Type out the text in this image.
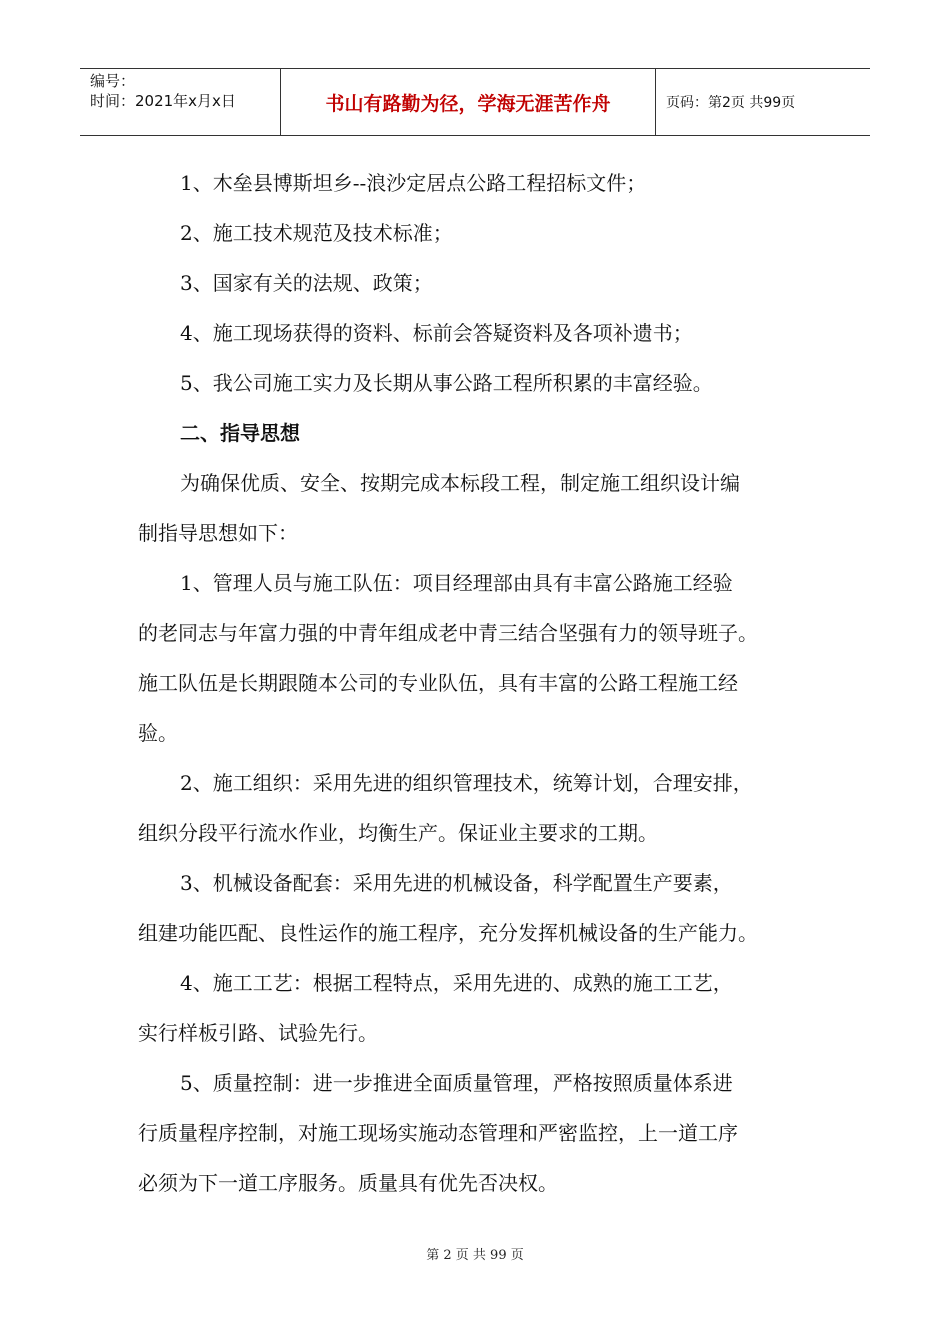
编号：
时间：2021年x月x日	书山有路勤为径，学海无涯苦作舟	页码：第2页 共99页
1、木垒县博斯坦乡--浪沙定居点公路工程招标文件；
2、施工技术规范及技术标准；
3、国家有关的法规、政策；
4、施工现场获得的资料、标前会答疑资料及各项补遗书；
5、我公司施工实力及长期从事公路工程所积累的丰富经验。
二、指导思想
为确保优质、安全、按期完成本标段工程，制定施工组织设计编
制指导思想如下：
1、管理人员与施工队伍：项目经理部由具有丰富公路施工经验
的老同志与年富力强的中青年组成老中青三结合坚强有力的领导班子。
施工队伍是长期跟随本公司的专业队伍，具有丰富的公路工程施工经
验。
2、施工组织：采用先进的组织管理技术，统筹计划，合理安排，
组织分段平行流水作业，均衡生产。保证业主要求的工期。
3、机械设备配套：采用先进的机械设备，科学配置生产要素，
组建功能匹配、良性运作的施工程序，充分发挥机械设备的生产能力。
4、施工工艺：根据工程特点，采用先进的、成熟的施工工艺，
实行样板引路、试验先行。
5、质量控制：进一步推进全面质量管理，严格按照质量体系进
行质量程序控制，对施工现场实施动态管理和严密监控，上一道工序
必须为下一道工序服务。质量具有优先否决权。
第 2 页 共 99 页
